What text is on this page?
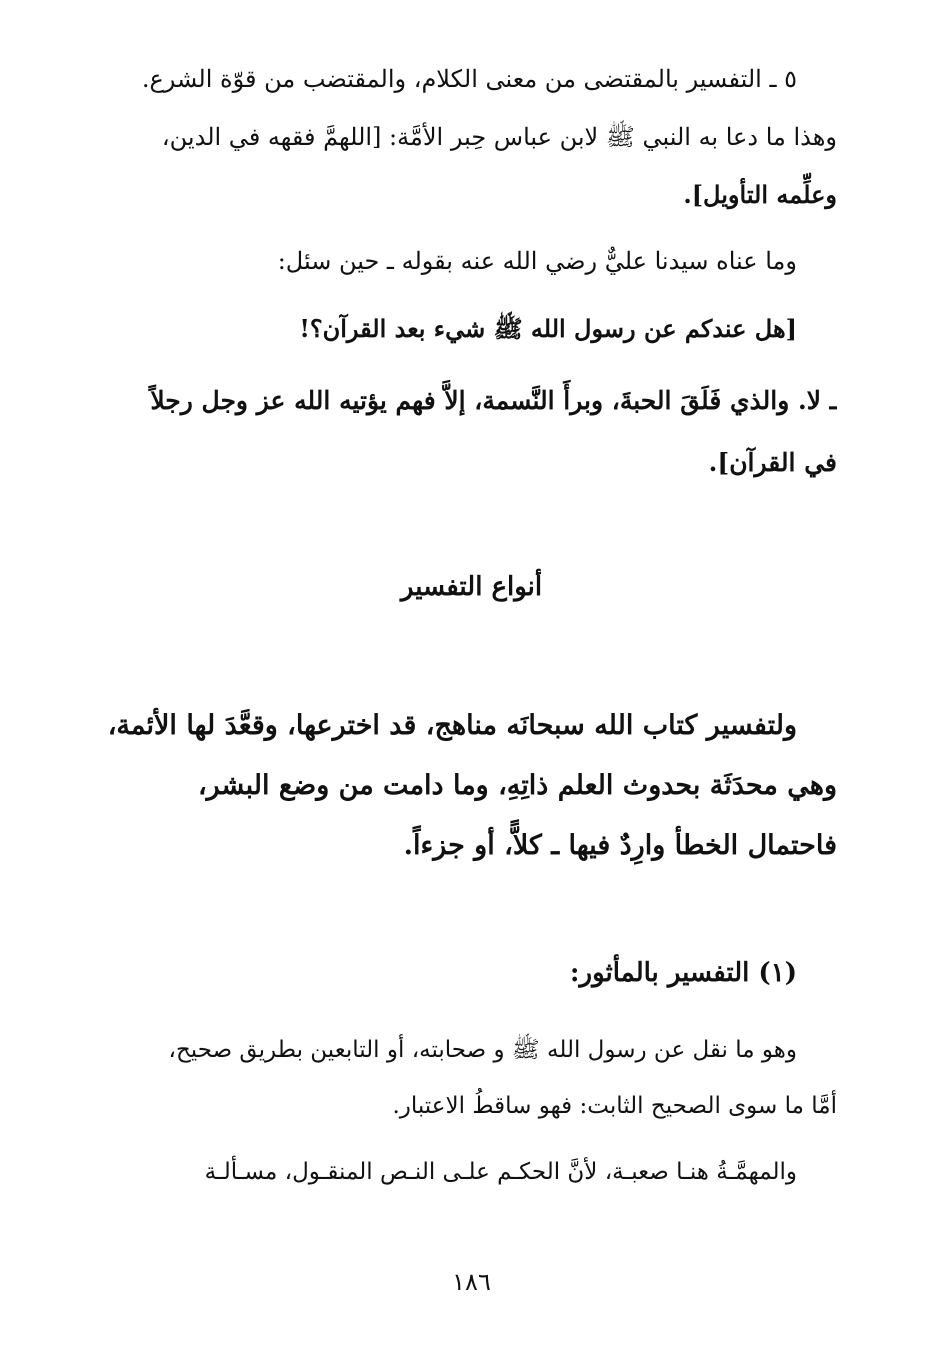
٥ ـ التفسير بالمقتضى من معنى الكلام، والمقتضب من قوّة الشرع.
وهذا ما دعا به النبي ﷺ لابن عباس حِبر الأمَّة: [اللهمَّ فقهه في الدين،
وعلِّمه التأويل].
وما عناه سيدنا عليٌّ رضي الله عنه بقوله ـ حين سئل:
[هل عندكم عن رسول الله ﷺ شيء بعد القرآن؟!
ـ لا. والذي فَلَقَ الحبةَ، وبرأَ النَّسمة، إلاَّ فهم يؤتيه الله عز وجل رجلاً
في القرآن].
أنواع التفسير
ولتفسير كتاب الله سبحانَه مناهج، قد اخترعها، وقعَّدَ لها الأئمة،
وهي محدَثَة بحدوث العلم ذاتِهِ، وما دامت من وضع البشر،
فاحتمال الخطأ وارِدٌ فيها ـ كلاًّ، أو جزءاً.
(١) التفسير بالمأثور:
وهو ما نقل عن رسول الله ﷺ و صحابته، أو التابعين بطريق صحيح،
أمَّا ما سوى الصحيح الثابت: فهو ساقطُ الاعتبار.
والمهمَّـةُ هنـا صعبـة، لأنَّ الحكـم علـى النـص المنقـول، مسـألـة
١٨٦
